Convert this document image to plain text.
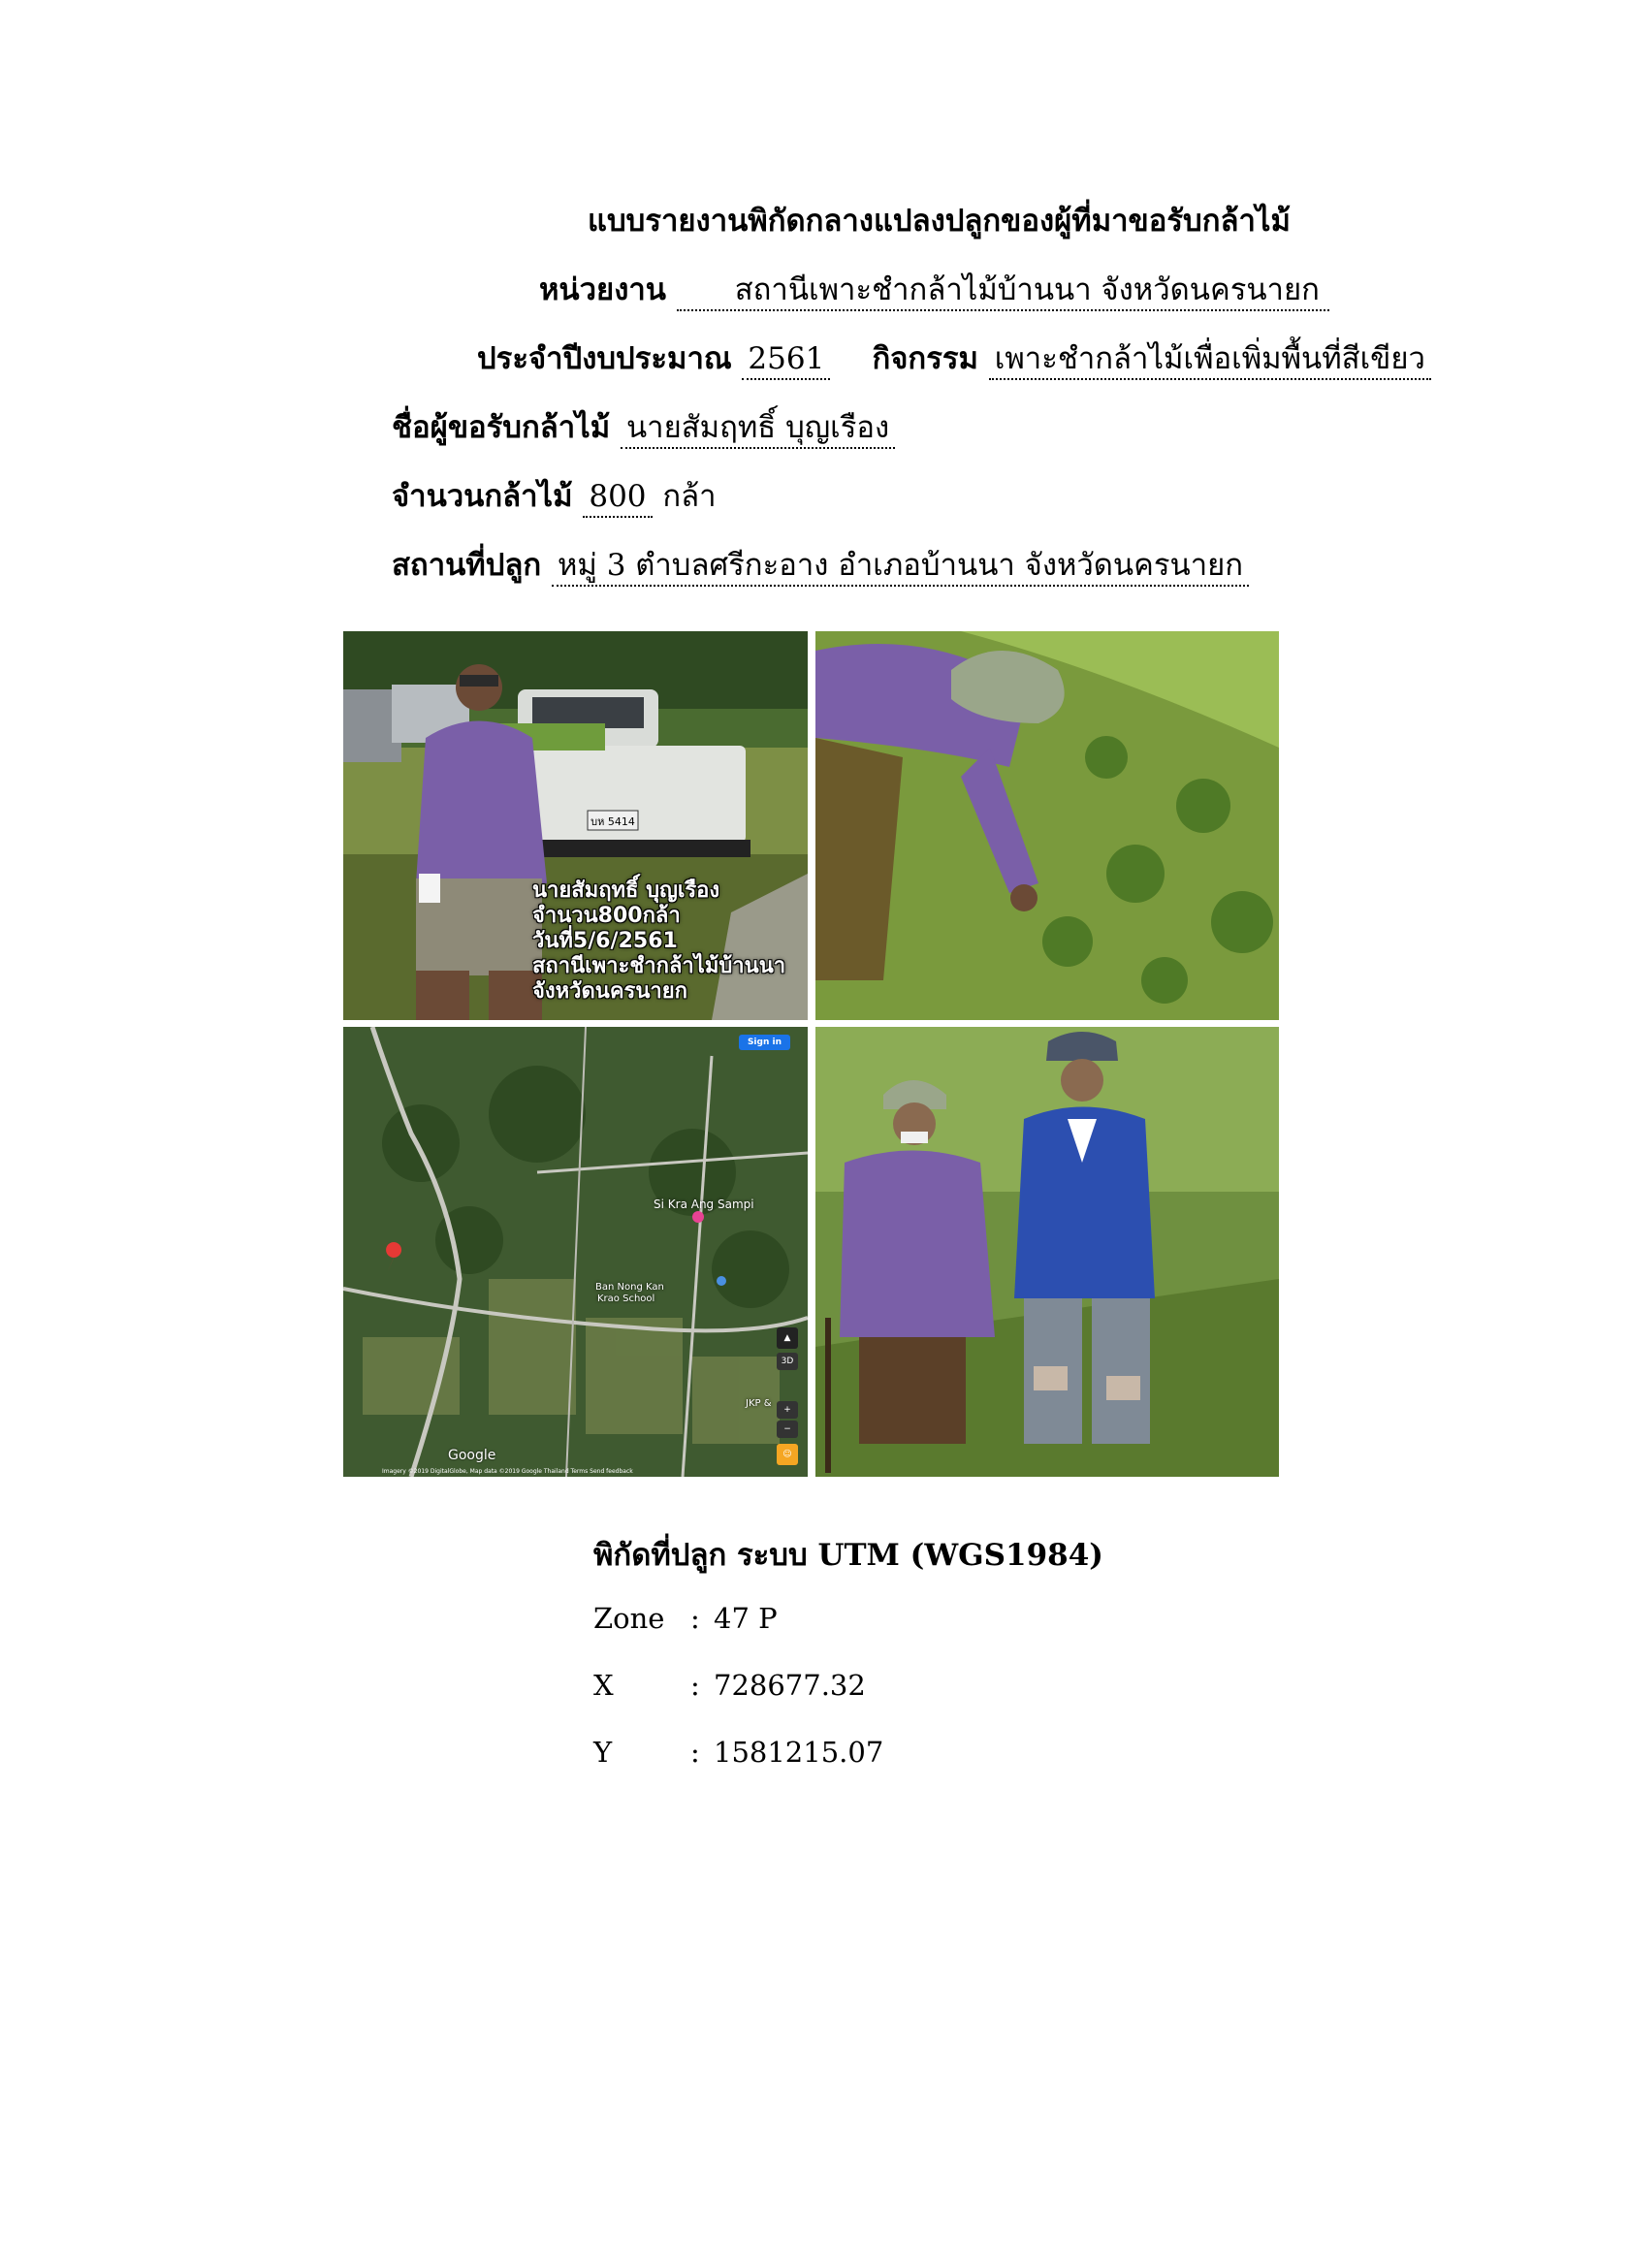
แบบรายงานพิกัดกลางแปลงปลูกของผู้ที่มาขอรับกล้าไม้
หน่วยงาน สถานีเพาะชำกล้าไม้บ้านนา จังหวัดนครนายก
ประจำปีงบประมาณ 2561 กิจกรรม เพาะชำกล้าไม้เพื่อเพิ่มพื้นที่สีเขียว
ชื่อผู้ขอรับกล้าไม้ นายสัมฤทธิ์ บุญเรือง
จำนวนกล้าไม้ 800 กล้า
สถานที่ปลูก หมู่ 3 ตำบลศรีกะอาง อำเภอบ้านนา จังหวัดนครนายก
บห 5414
นายสัมฤทธิ์ บุญเรือง
จำนวน800กล้า
วันที่5/6/2561
สถานีเพาะชำกล้าไม้บ้านนา
จังหวัดนครนายก
Sign in
Si Kra Ang Sampi
Ban Nong Kan
Krao School
JKP &
▲
3D
+
−
☺
Google
Imagery ©2019 DigitalGlobe, Map data ©2019 Google Thailand Terms Send feedback
พิกัดที่ปลูก ระบบ UTM (WGS1984)
Zone : 47 P
X	: 728677.32
Y	: 1581215.07
